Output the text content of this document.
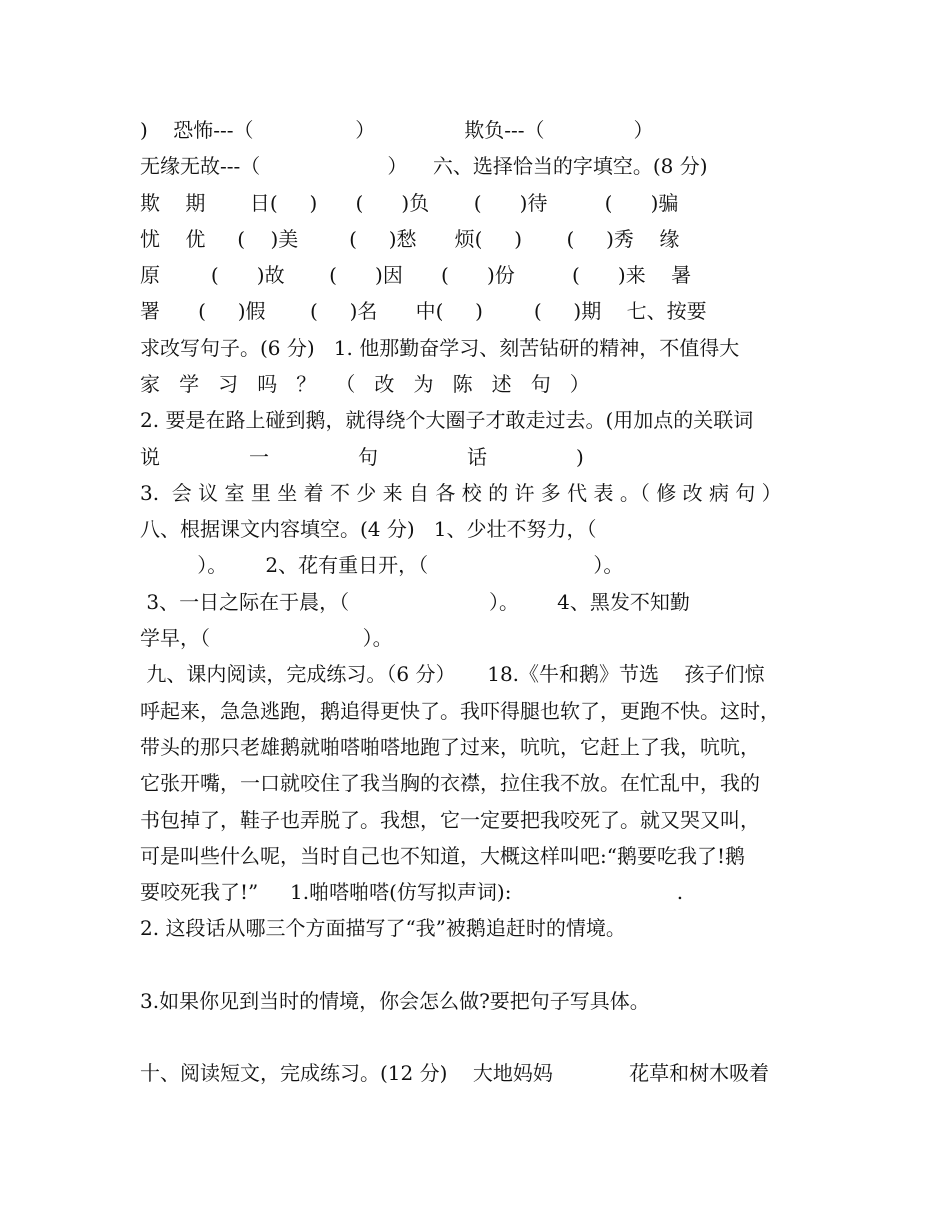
)    恐怖---（                ）              欺负---（              ）
无缘无故---（                    ）    六、选择恰当的字填空。(8 分)
欺    期       日(     )      (      )负       (      )待         (      )骗
忧    优     (    )美        (     )愁      烦(     )       (     )秀    缘
原        (      )故       (      )因      (      )份         (      )来    暑
署      (     )假       (     )名      中(     )        (     )期    七、按要
求改写句子。(6 分)   1. 他那勤奋学习、刻苦钻研的精神，不值得大
家   学   习   吗   ？   （   改   为   陈   述   句   ）
2. 要是在路上碰到鹅，就得绕个大圈子才敢走过去。(用加点的关联词
说              一              句              话              )
3.  会 议 室 里 坐 着 不 少 来 自 各 校 的 许 多 代 表 。（ 修 改 病 句 ）
八、根据课文内容填空。(4 分)   1、少壮不努力，（
）。      2、花有重日开，（                          ）。
3、一日之际在于晨，（                      ）。      4、黑发不知勤
学早，（                        ）。
九、课内阅读，完成练习。（6 分）     18.《牛和鹅》节选    孩子们惊
呼起来，急急逃跑，鹅追得更快了。我吓得腿也软了，更跑不快。这时，
带头的那只老雄鹅就啪嗒啪嗒地跑了过来，吭吭，它赶上了我，吭吭，
它张开嘴，一口就咬住了我当胸的衣襟，拉住我不放。在忙乱中，我的
书包掉了，鞋子也弄脱了。我想，它一定要把我咬死了。就又哭又叫，
可是叫些什么呢，当时自己也不知道，大概这样叫吧:“鹅要吃我了!鹅
要咬死我了!”     1.啪嗒啪嗒(仿写拟声词):                          .
2. 这段话从哪三个方面描写了“我”被鹅追赶时的情境。
3.如果你见到当时的情境，你会怎么做?要把句子写具体。
十、阅读短文，完成练习。(12 分)    大地妈妈            花草和树木吸着
